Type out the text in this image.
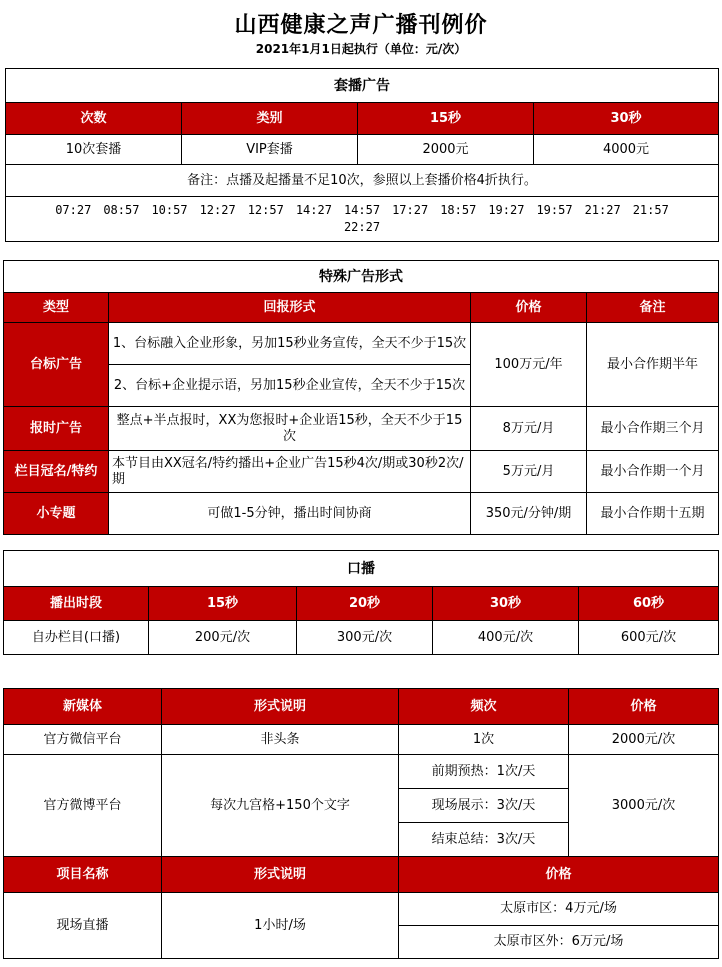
山西健康之声广播刊例价
2021年1月1日起执行（单位：元/次）
套播广告			
次数	类别	15秒	30秒
10次套播	VIP套播	2000元	4000元
备注：点播及起播量不足10次，参照以上套播价格4折执行。			
07:27 08:57 10:57 12:27 12:57 14:27 14:57 17:27 18:57 19:27 19:57 21:27 21:57
22:27			
特殊广告形式			
类型	回报形式	价格	备注
台标广告	1、台标融入企业形象，另加15秒业务宣传，全天不少于15次	100万元/年	最小合作期半年
	2、台标+企业提示语，另加15秒企业宣传，全天不少于15次		
报时广告	整点+半点报时，XX为您报时+企业语15秒，全天不少于15次	8万元/月	最小合作期三个月
栏目冠名/特约	本节目由XX冠名/特约播出+企业广告15秒4次/期或30秒2次/期	5万元/月	最小合作期一个月
小专题	可做1-5分钟，播出时间协商	350元/分钟/期	最小合作期十五期
口播				
播出时段	15秒	20秒	30秒	60秒
自办栏目(口播)	200元/次	300元/次	400元/次	600元/次
新媒体	形式说明	频次	价格
官方微信平台	非头条	1次	2000元/次
官方微博平台	每次九宫格+150个文字	前期预热：1次/天	3000元/次
		现场展示：3次/天	
		结束总结：3次/天	
项目名称	形式说明	价格	
现场直播	1小时/场	太原市区：4万元/场	
		太原市区外：6万元/场	
